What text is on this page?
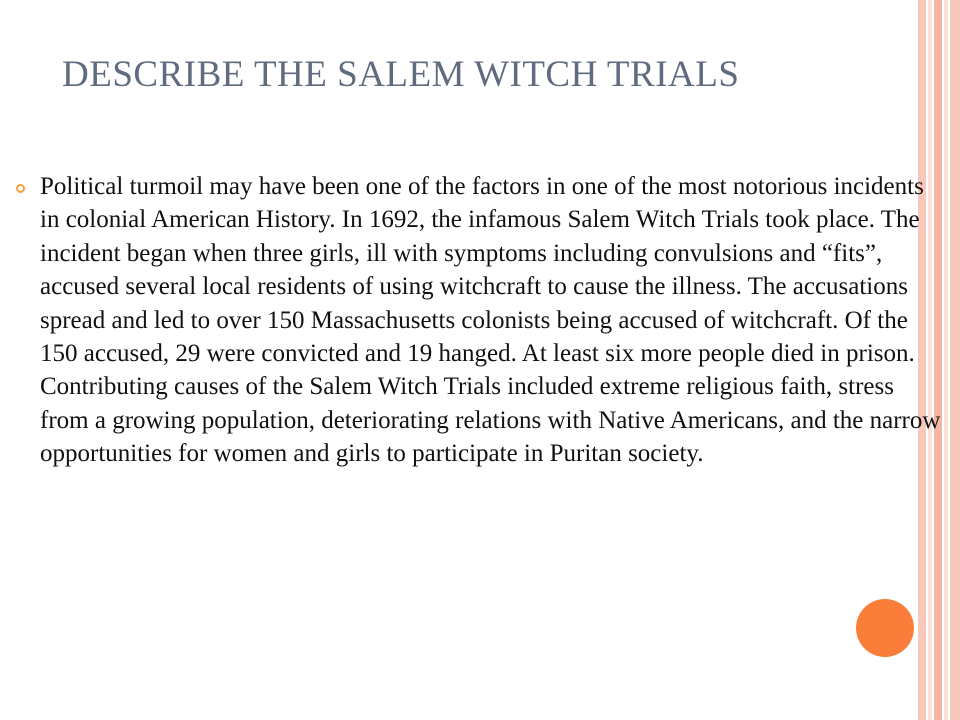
DESCRIBE THE SALEM WITCH TRIALS

Political turmoil may have been one of the factors in one of the most notorious incidents in colonial American History. In 1692, the infamous Salem Witch Trials took place. The incident began when three girls, ill with symptoms including convulsions and “fits”, accused several local residents of using witchcraft to cause the illness. The accusations spread and led to over 150 Massachusetts colonists being accused of witchcraft. Of the 150 accused, 29 were convicted and 19 hanged. At least six more people died in prison. Contributing causes of the Salem Witch Trials included extreme religious faith, stress from a growing population, deteriorating relations with Native Americans, and the narrow opportunities for women and girls to participate in Puritan society.
